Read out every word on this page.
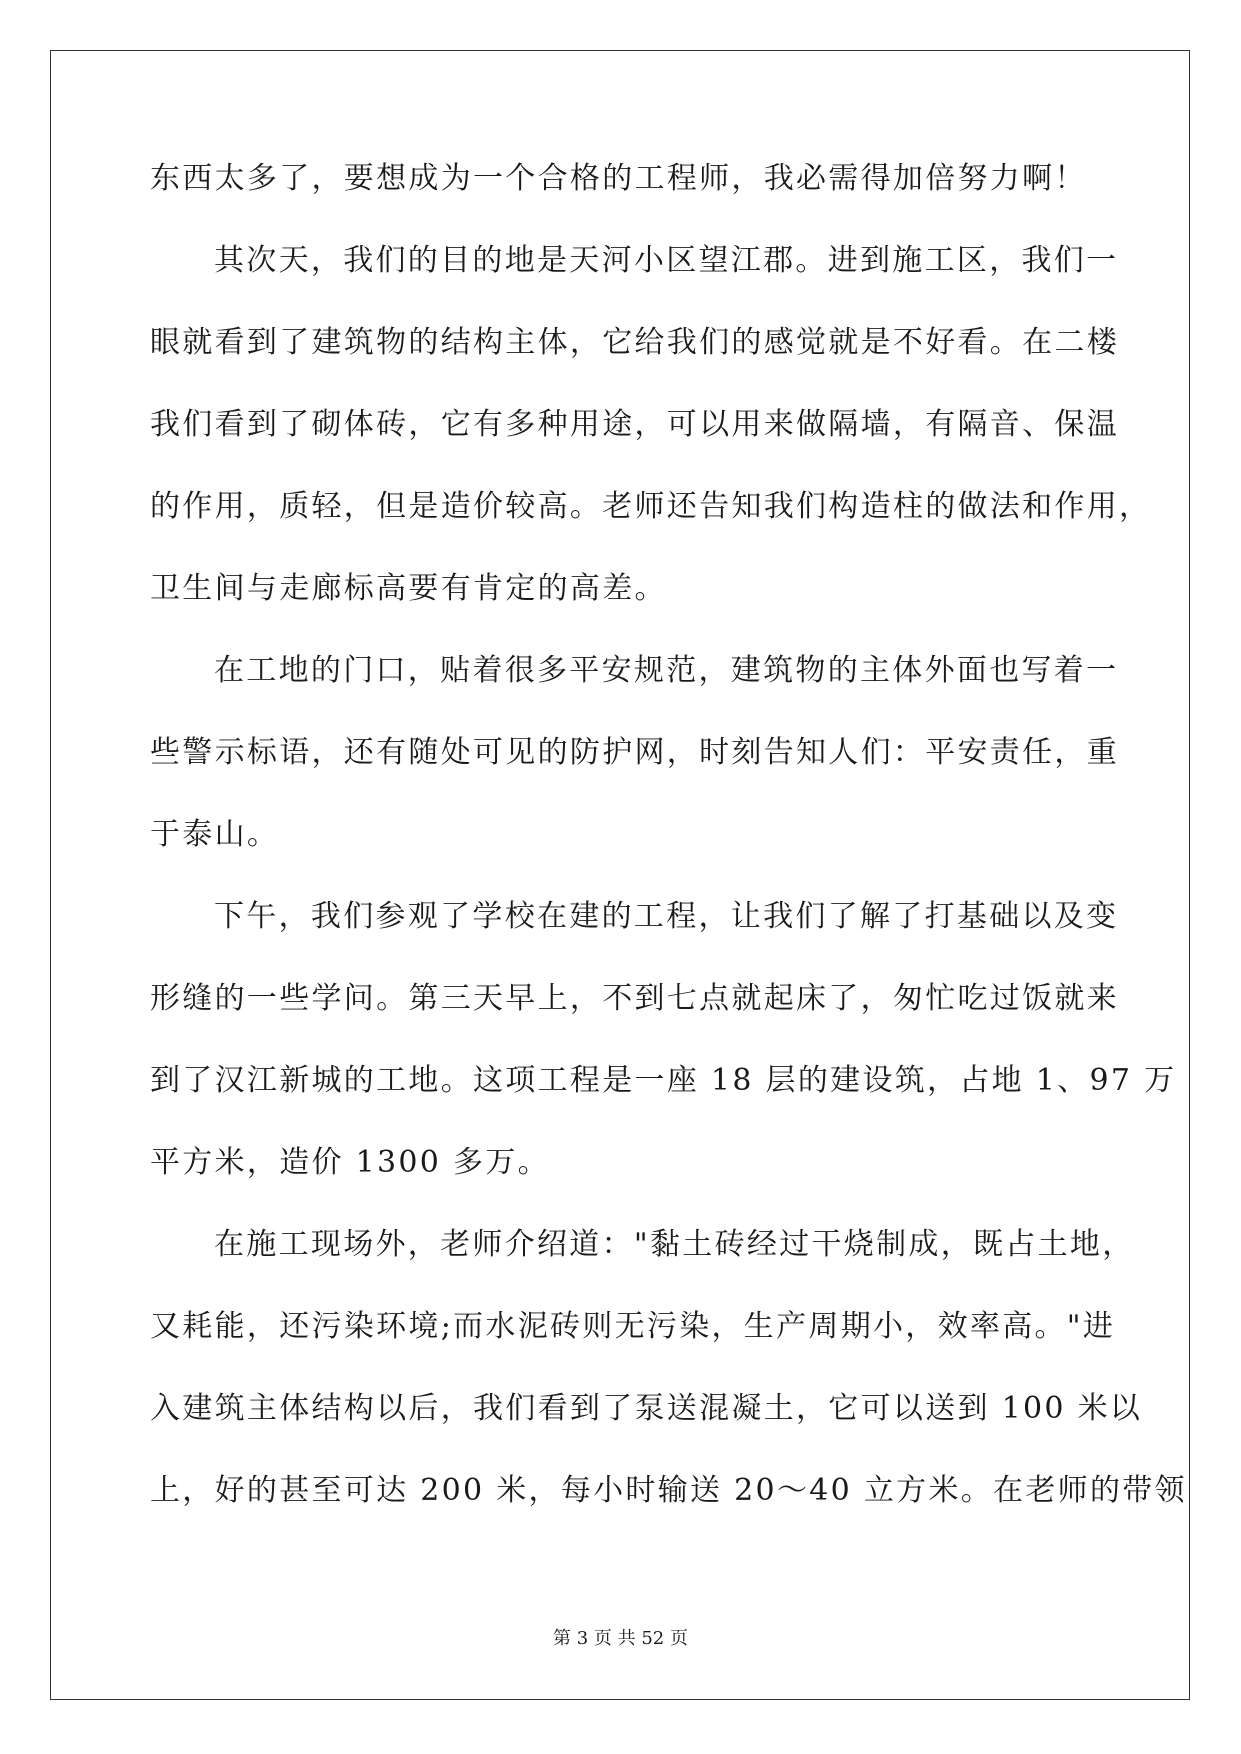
东西太多了，要想成为一个合格的工程师，我必需得加倍努力啊！
其次天，我们的目的地是天河小区望江郡。进到施工区，我们一
眼就看到了建筑物的结构主体，它给我们的感觉就是不好看。在二楼
我们看到了砌体砖，它有多种用途，可以用来做隔墙，有隔音、保温
的作用，质轻，但是造价较高。老师还告知我们构造柱的做法和作用，
卫生间与走廊标高要有肯定的高差。
在工地的门口，贴着很多平安规范，建筑物的主体外面也写着一
些警示标语，还有随处可见的防护网，时刻告知人们：平安责任，重
于泰山。
下午，我们参观了学校在建的工程，让我们了解了打基础以及变
形缝的一些学问。第三天早上，不到七点就起床了，匆忙吃过饭就来
到了汉江新城的工地。这项工程是一座 18 层的建设筑，占地 1、97 万
平方米，造价 1300 多万。
在施工现场外，老师介绍道："黏土砖经过干烧制成，既占土地，
又耗能，还污染环境;而水泥砖则无污染，生产周期小，效率高。"进
入建筑主体结构以后，我们看到了泵送混凝土，它可以送到 100 米以
上，好的甚至可达 200 米，每小时输送 20～40 立方米。在老师的带领
第 3 页 共 52 页
